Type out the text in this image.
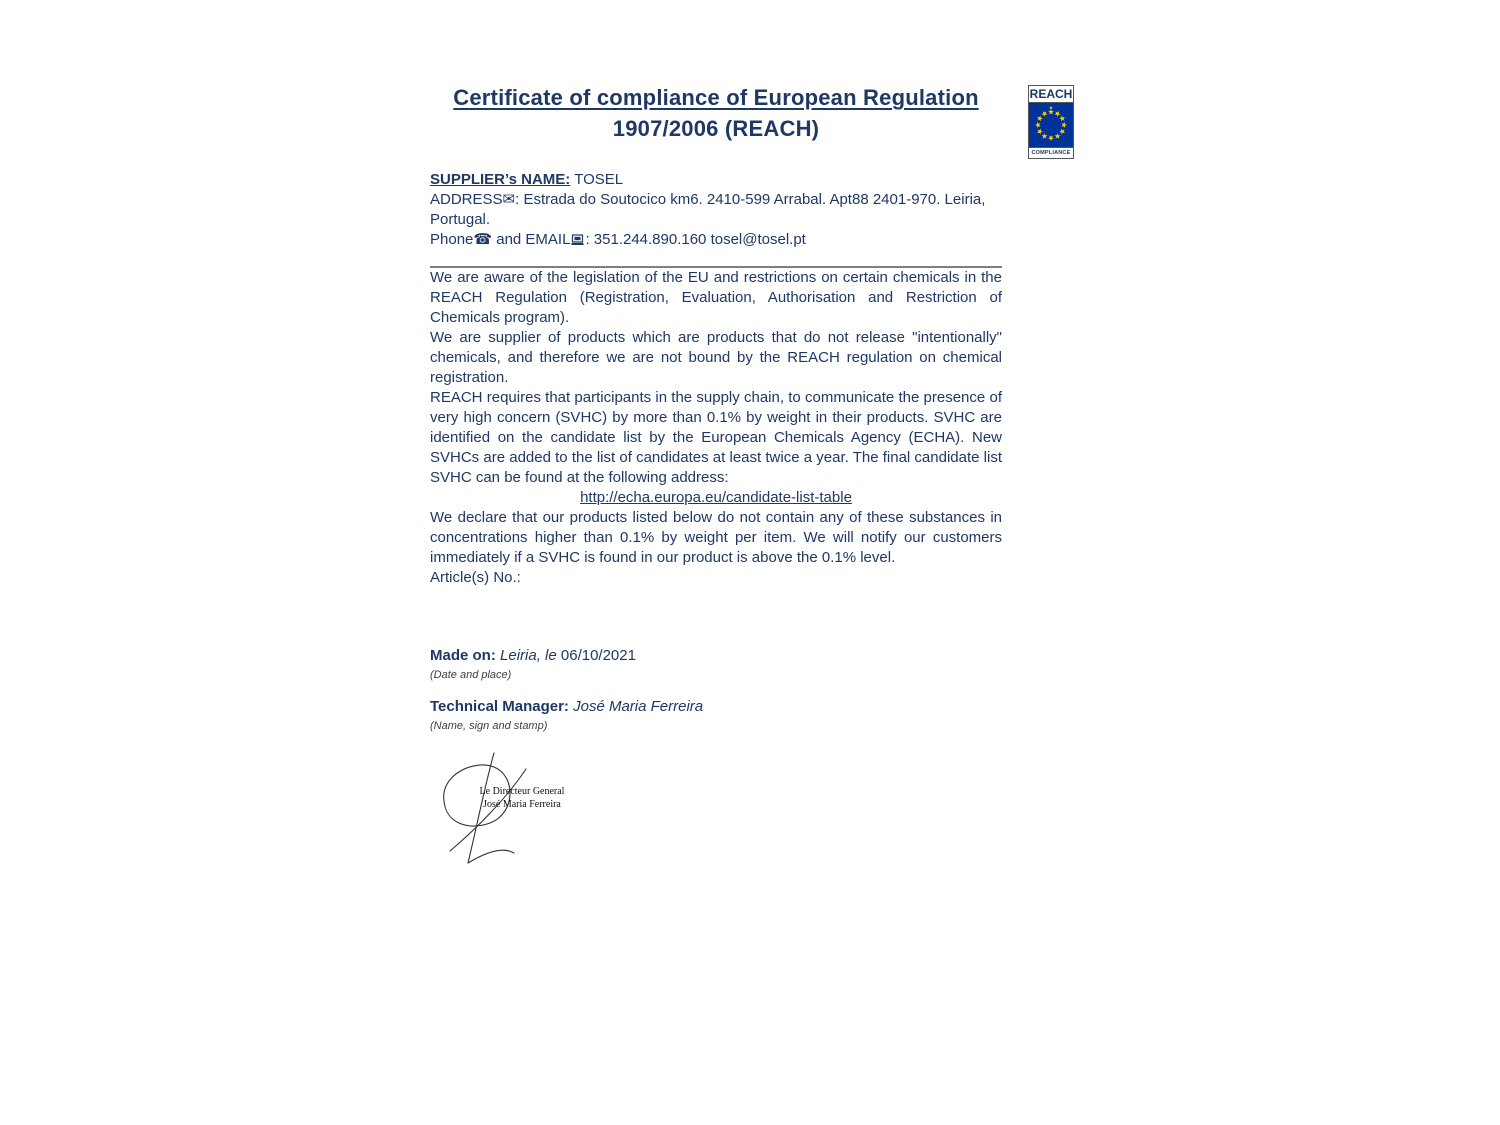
REACH
COMPLIANCE
Certificate of compliance of European Regulation
1907/2006 (REACH)
SUPPLIER’s NAME: TOSEL
ADDRESS✉: Estrada do Soutocico km6. 2410-599 Arrabal. Apt88 2401-970. Leiria, Portugal.
Phone☎ and EMAIL : 351.244.890.160 tosel@tosel.pt

We are aware of the legislation of the EU and restrictions on certain chemicals in the REACH Regulation (Registration, Evaluation, Authorisation and Restriction of Chemicals program).

We are supplier of products which are products that do not release "intentionally" chemicals, and therefore we are not bound by the REACH regulation on chemical registration.

REACH requires that participants in the supply chain, to communicate the presence of very high concern (SVHC) by more than 0.1% by weight in their products. SVHC are identified on the candidate list by the European Chemicals Agency (ECHA). New SVHCs are added to the list of candidates at least twice a year. The final candidate list SVHC can be found at the following address:

http://echa.europa.eu/candidate-list-table

We declare that our products listed below do not contain any of these substances in concentrations higher than 0.1% by weight per item. We will notify our customers immediately if a SVHC is found in our product is above the 0.1% level.

Article(s) No.:

Made on: Leiria, le 06/10/2021
(Date and place)
Technical Manager: José Maria Ferreira
(Name, sign and stamp)
Le Directeur General
José Maria Ferreira
